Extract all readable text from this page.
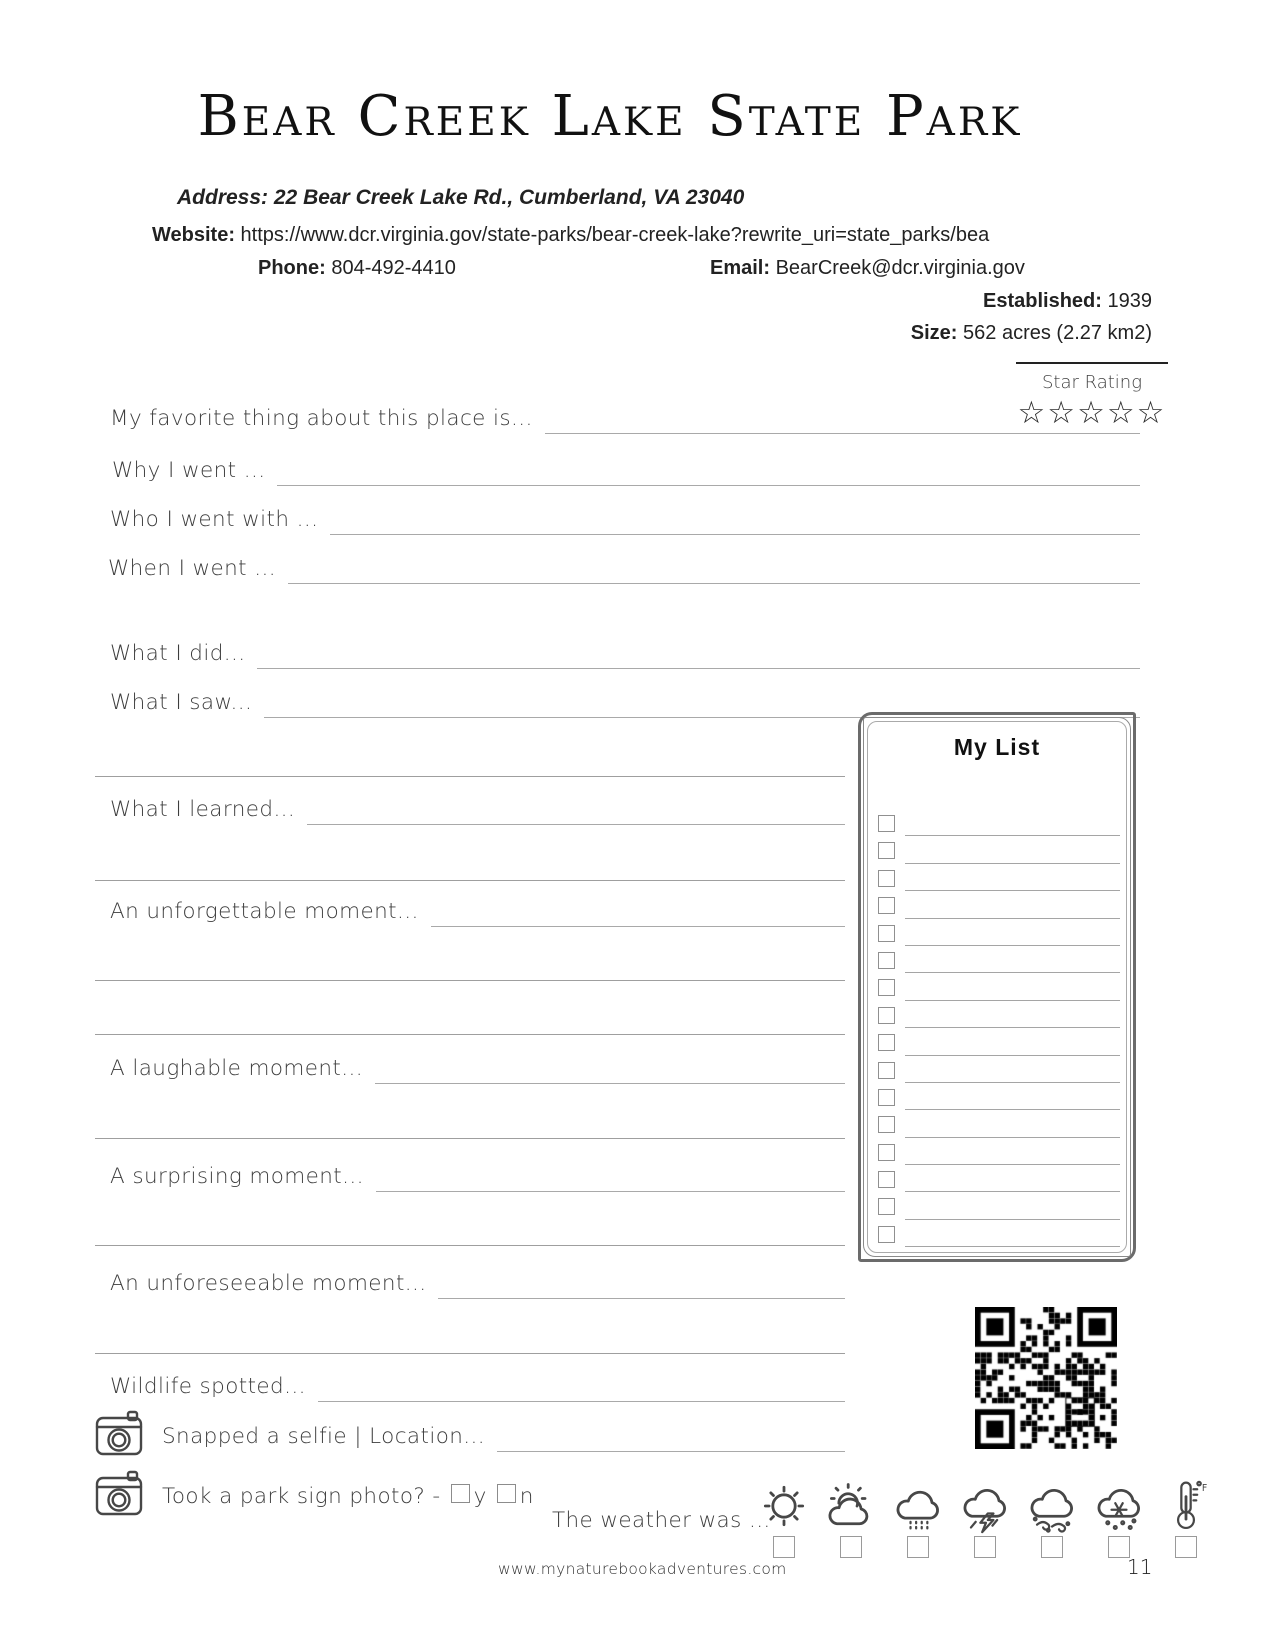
Bear Creek Lake State Park
Address: 22 Bear Creek Lake Rd., Cumberland, VA 23040
Website: https://www.dcr.virginia.gov/state-parks/bear-creek-lake?rewrite_uri=state_parks/bea
Phone: 804-492-4410	Email: BearCreek@dcr.virginia.gov
Established: 1939
Size: 562 acres (2.27 km2)
Star Rating
☆☆☆☆☆
My favorite thing about this place is...
Why I went ...
Who I went with ...
When I went ...
What I did...
What I saw...
What I learned...
An unforgettable moment...
A laughable moment...
A surprising moment...
An unforeseeable moment...
Wildlife spotted...
My List
Snapped a selfie | Location...
Took a park sign photo? - y n
The weather was ...
F
www.mynaturebookadventures.com	11
